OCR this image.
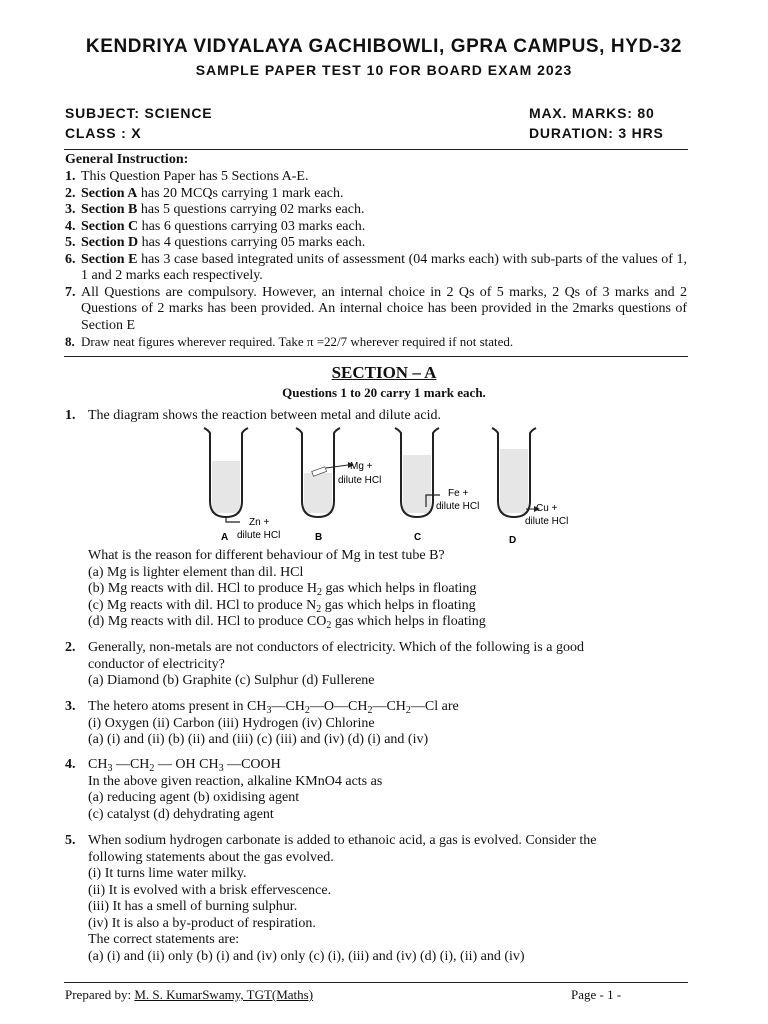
KENDRIYA VIDYALAYA GACHIBOWLI, GPRA CAMPUS, HYD-32
SAMPLE PAPER TEST 10 FOR BOARD EXAM 2023
SUBJECT: SCIENCE
CLASS : X
MAX. MARKS: 80
DURATION: 3 HRS
General Instruction:
1. This Question Paper has 5 Sections A-E.
2. Section A has 20 MCQs carrying 1 mark each.
3. Section B has 5 questions carrying 02 marks each.
4. Section C has 6 questions carrying 03 marks each.
5. Section D has 4 questions carrying 05 marks each.
6. Section E has 3 case based integrated units of assessment (04 marks each) with sub-parts of the values of 1, 1 and 2 marks each respectively.
7. All Questions are compulsory. However, an internal choice in 2 Qs of 5 marks, 2 Qs of 3 marks and 2 Questions of 2 marks has been provided. An internal choice has been provided in the 2marks questions of Section E
8. Draw neat figures wherever required. Take π =22/7 wherever required if not stated.
SECTION – A
Questions 1 to 20 carry 1 mark each.
1. The diagram shows the reaction between metal and dilute acid.
Zn +
dilute HCl
A
Mg +
dilute HCl
B
Fe +
dilute HCl
C
Cu +
dilute HCl
D
What is the reason for different behaviour of Mg in test tube B?
(a) Mg is lighter element than dil. HCl
(b) Mg reacts with dil. HCl to produce $H_2$ gas which helps in floating
(c) Mg reacts with dil. HCl to produce $N_2$ gas which helps in floating
(d) Mg reacts with dil. HCl to produce $CO_2$ gas which helps in floating
2. Generally, non-metals are not conductors of electricity. Which of the following is a good
conductor of electricity?
(a) Diamond (b) Graphite (c) Sulphur (d) Fullerene
3. The hetero atoms present in $CH_3—CH_2—O—CH_2—CH_2—Cl$ are
(i) Oxygen (ii) Carbon (iii) Hydrogen (iv) Chlorine
(a) (i) and (ii) (b) (ii) and (iii) (c) (iii) and (iv) (d) (i) and (iv)
4. $CH_3$ $—CH_2$ — OH $CH_3$ —COOH
In the above given reaction, alkaline KMnO4 acts as
(a) reducing agent (b) oxidising agent
(c) catalyst (d) dehydrating agent
5. When sodium hydrogen carbonate is added to ethanoic acid, a gas is evolved. Consider the
following statements about the gas evolved.
(i) It turns lime water milky.
(ii) It is evolved with a brisk effervescence.
(iii) It has a smell of burning sulphur.
(iv) It is also a by-product of respiration.
The correct statements are:
(a) (i) and (ii) only (b) (i) and (iv) only (c) (i), (iii) and (iv) (d) (i), (ii) and (iv)
Prepared by: M. S. KumarSwamy, TGT(Maths)	Page - 1 -
